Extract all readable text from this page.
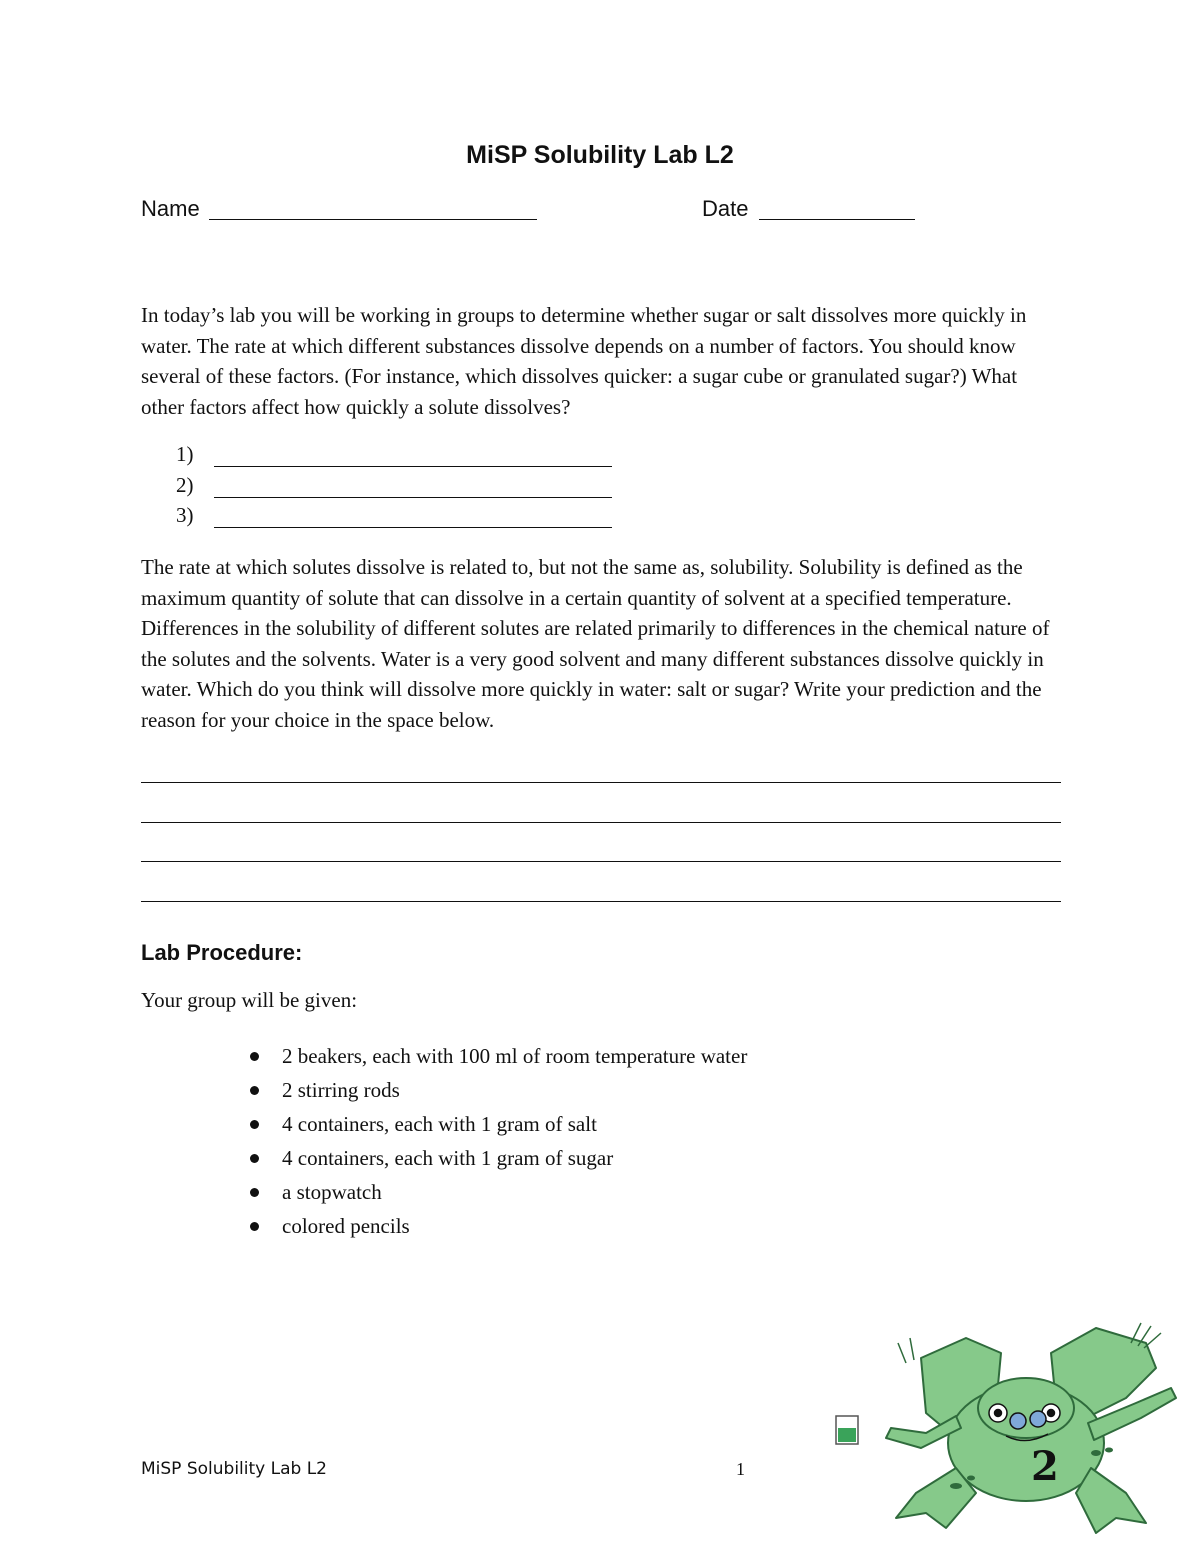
MiSP Solubility Lab L2
Name	Date
In today’s lab you will be working in groups to determine whether sugar or salt dissolves more quickly in water. The rate at which different substances dissolve depends on a number of factors. You should know several of these factors. (For instance, which dissolves quicker: a sugar cube or granulated sugar?) What other factors affect how quickly a solute dissolves?
1)
2)
3)
The rate at which solutes dissolve is related to, but not the same as, solubility. Solubility is defined as the maximum quantity of solute that can dissolve in a certain quantity of solvent at a specified temperature. Differences in the solubility of different solutes are related primarily to differences in the chemical nature of the solutes and the solvents. Water is a very good solvent and many different substances dissolve quickly in water. Which do you think will dissolve more quickly in water: salt or sugar? Write your prediction and the reason for your choice in the space below.
Lab Procedure:
Your group will be given:
2 beakers, each with 100 ml of room temperature water
2 stirring rods
4 containers, each with 1 gram of salt
4 containers, each with 1 gram of sugar
a stopwatch
colored pencils
MiSP Solubility Lab L2	1	2
